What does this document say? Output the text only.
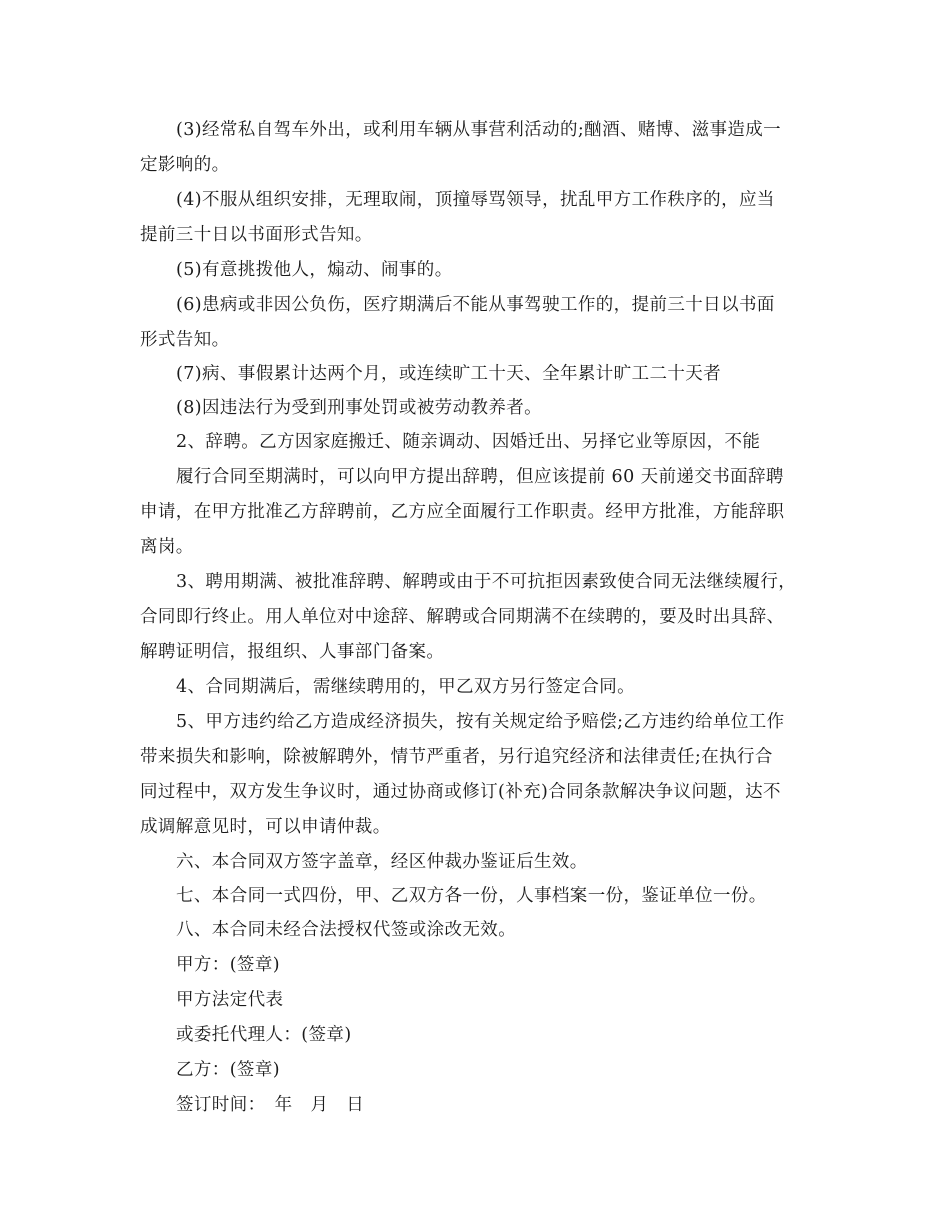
(3)经常私自驾车外出，或利用车辆从事营利活动的;酗酒、赌博、滋事造成一
定影响的。
(4)不服从组织安排，无理取闹，顶撞辱骂领导，扰乱甲方工作秩序的，应当
提前三十日以书面形式告知。
(5)有意挑拨他人，煽动、闹事的。
(6)患病或非因公负伤，医疗期满后不能从事驾驶工作的，提前三十日以书面
形式告知。
(7)病、事假累计达两个月，或连续旷工十天、全年累计旷工二十天者
(8)因违法行为受到刑事处罚或被劳动教养者。
2、辞聘。乙方因家庭搬迁、随亲调动、因婚迁出、另择它业等原因，不能
履行合同至期满时，可以向甲方提出辞聘，但应该提前 60 天前递交书面辞聘
申请，在甲方批准乙方辞聘前，乙方应全面履行工作职责。经甲方批准，方能辞职
离岗。
3、聘用期满、被批准辞聘、解聘或由于不可抗拒因素致使合同无法继续履行，
合同即行终止。用人单位对中途辞、解聘或合同期满不在续聘的，要及时出具辞、
解聘证明信，报组织、人事部门备案。
4、合同期满后，需继续聘用的，甲乙双方另行签定合同。
5、甲方违约给乙方造成经济损失，按有关规定给予赔偿;乙方违约给单位工作
带来损失和影响，除被解聘外，情节严重者，另行追究经济和法律责任;在执行合
同过程中，双方发生争议时，通过协商或修订(补充)合同条款解决争议问题，达不
成调解意见时，可以申请仲裁。
六、本合同双方签字盖章，经区仲裁办鉴证后生效。
七、本合同一式四份，甲、乙双方各一份，人事档案一份，鉴证单位一份。
八、本合同未经合法授权代签或涂改无效。
甲方：(签章)
甲方法定代表
或委托代理人：(签章)
乙方：(签章)
签订时间：　年　月　日
